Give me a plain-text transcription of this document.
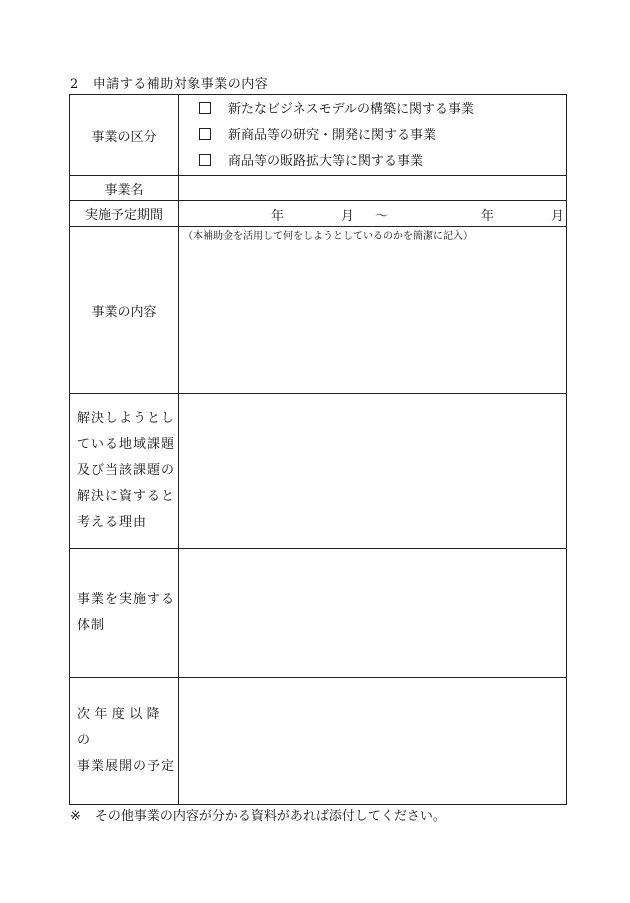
2 申請する補助対象事業の内容
事業の区分	新たなビジネスモデルの構築に関する事業
新商品等の研究・開発に関する事業
商品等の販路拡大等に関する事業

事業名	
実施予定期間	年 月 ～ 年 月

事業の内容	（本補助金を活用して何をしようとしているのかを簡潔に記入）

解決しようとし
ている地域課題
及び当該課題の
解決に資すると
考える理由	

事業を実施する
体制	

次年度以降の
事業展開の予定	

※ その他事業の内容が分かる資料があれば添付してください。
